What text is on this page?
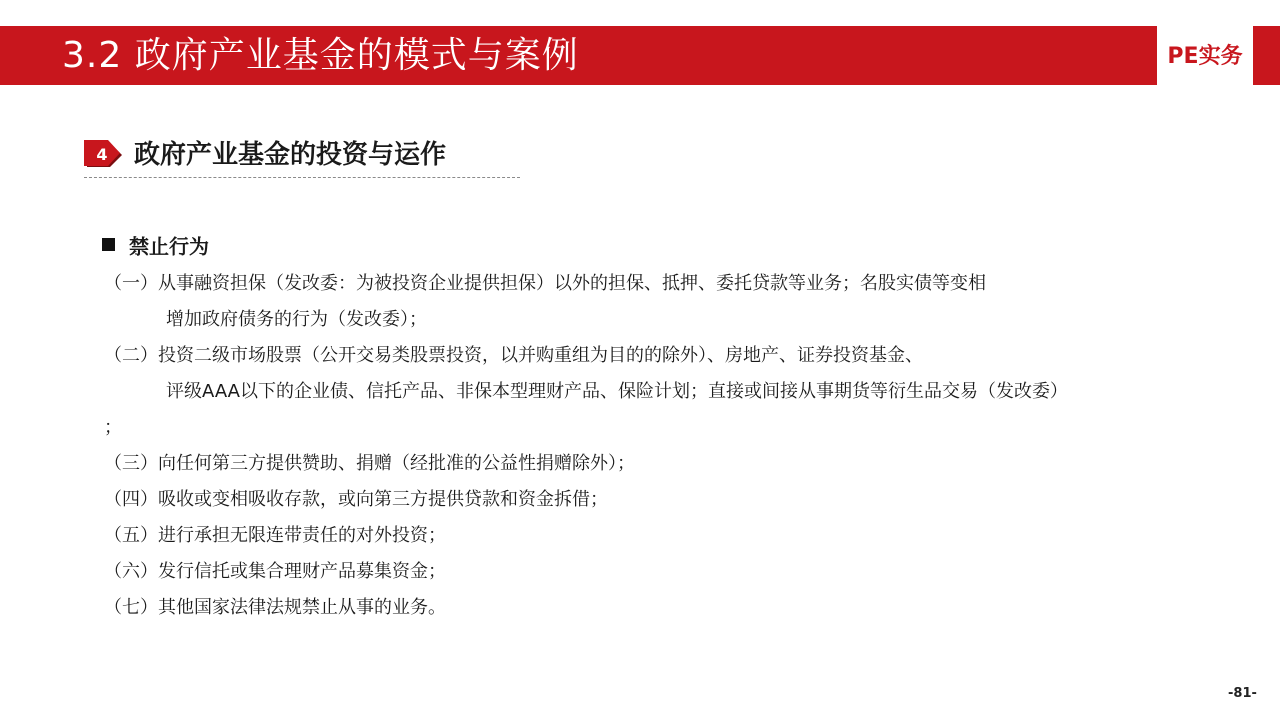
3.2 政府产业基金的模式与案例	PE实务
4 政府产业基金的投资与运作
禁止行为
（一）从事融资担保（发改委：为被投资企业提供担保）以外的担保、抵押、委托贷款等业务；名股实债等变相
增加政府债务的行为（发改委）；
（二）投资二级市场股票（公开交易类股票投资，以并购重组为目的的除外）、房地产、证券投资基金、
评级AAA以下的企业债、信托产品、非保本型理财产品、保险计划；直接或间接从事期货等衍生品交易（发改委）
；
（三）向任何第三方提供赞助、捐赠（经批准的公益性捐赠除外）；
（四）吸收或变相吸收存款，或向第三方提供贷款和资金拆借；
（五）进行承担无限连带责任的对外投资；
（六）发行信托或集合理财产品募集资金；
（七）其他国家法律法规禁止从事的业务。
-81-
